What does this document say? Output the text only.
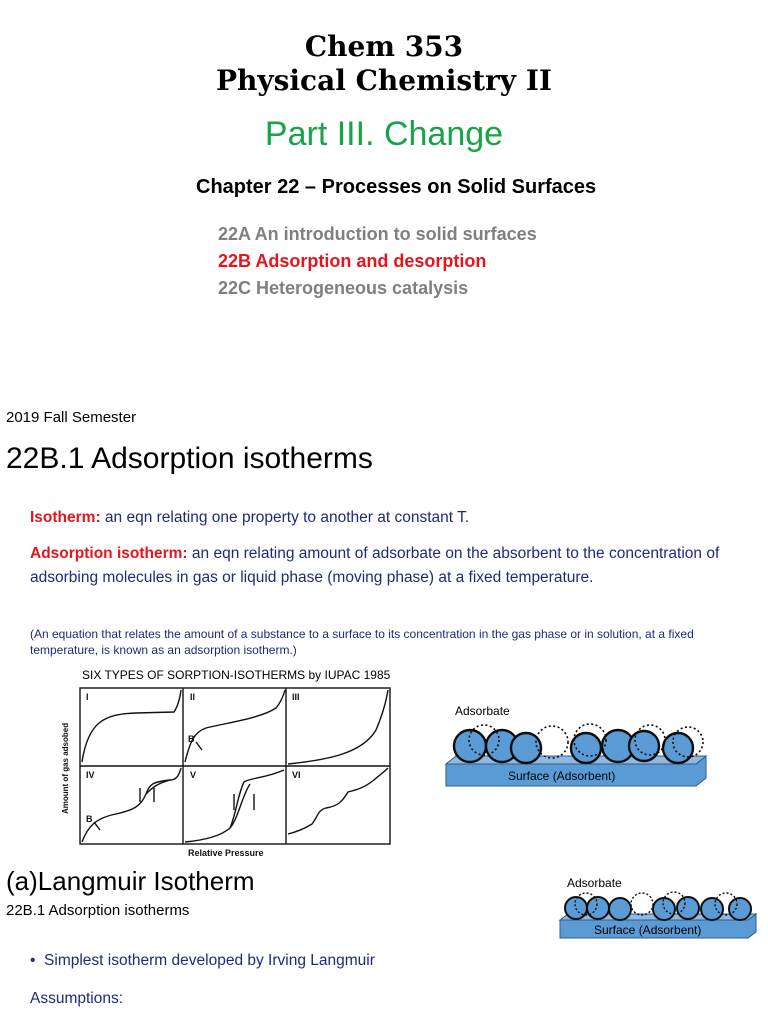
Chem 353
Physical Chemistry II
Part III. Change
Chapter 22 – Processes on Solid Surfaces
22A An introduction to solid surfaces
22B Adsorption and desorption
22C Heterogeneous catalysis
2019 Fall Semester
22B.1 Adsorption isotherms
Isotherm: an eqn relating one property to another at constant T.
Adsorption isotherm: an eqn relating amount of adsorbate on the absorbent to the concentration of adsorbing molecules in gas or liquid phase (moving phase) at a fixed temperature.
(An equation that relates the amount of a substance to a surface to its concentration in the gas phase or in solution, at a fixed temperature, is known as an adsorption isotherm.)
SIX TYPES OF SORPTION-ISOTHERMS by IUPAC 1985
I	II	III
IV	V	VI
B
B
Relative Pressure
Amount of gas adsobed
Adsorbate
Surface (Adsorbent)
(a)Langmuir Isotherm
22B.1 Adsorption isotherms
Adsorbate
Surface (Adsorbent)
•  Simplest isotherm developed by Irving Langmuir
Assumptions:
